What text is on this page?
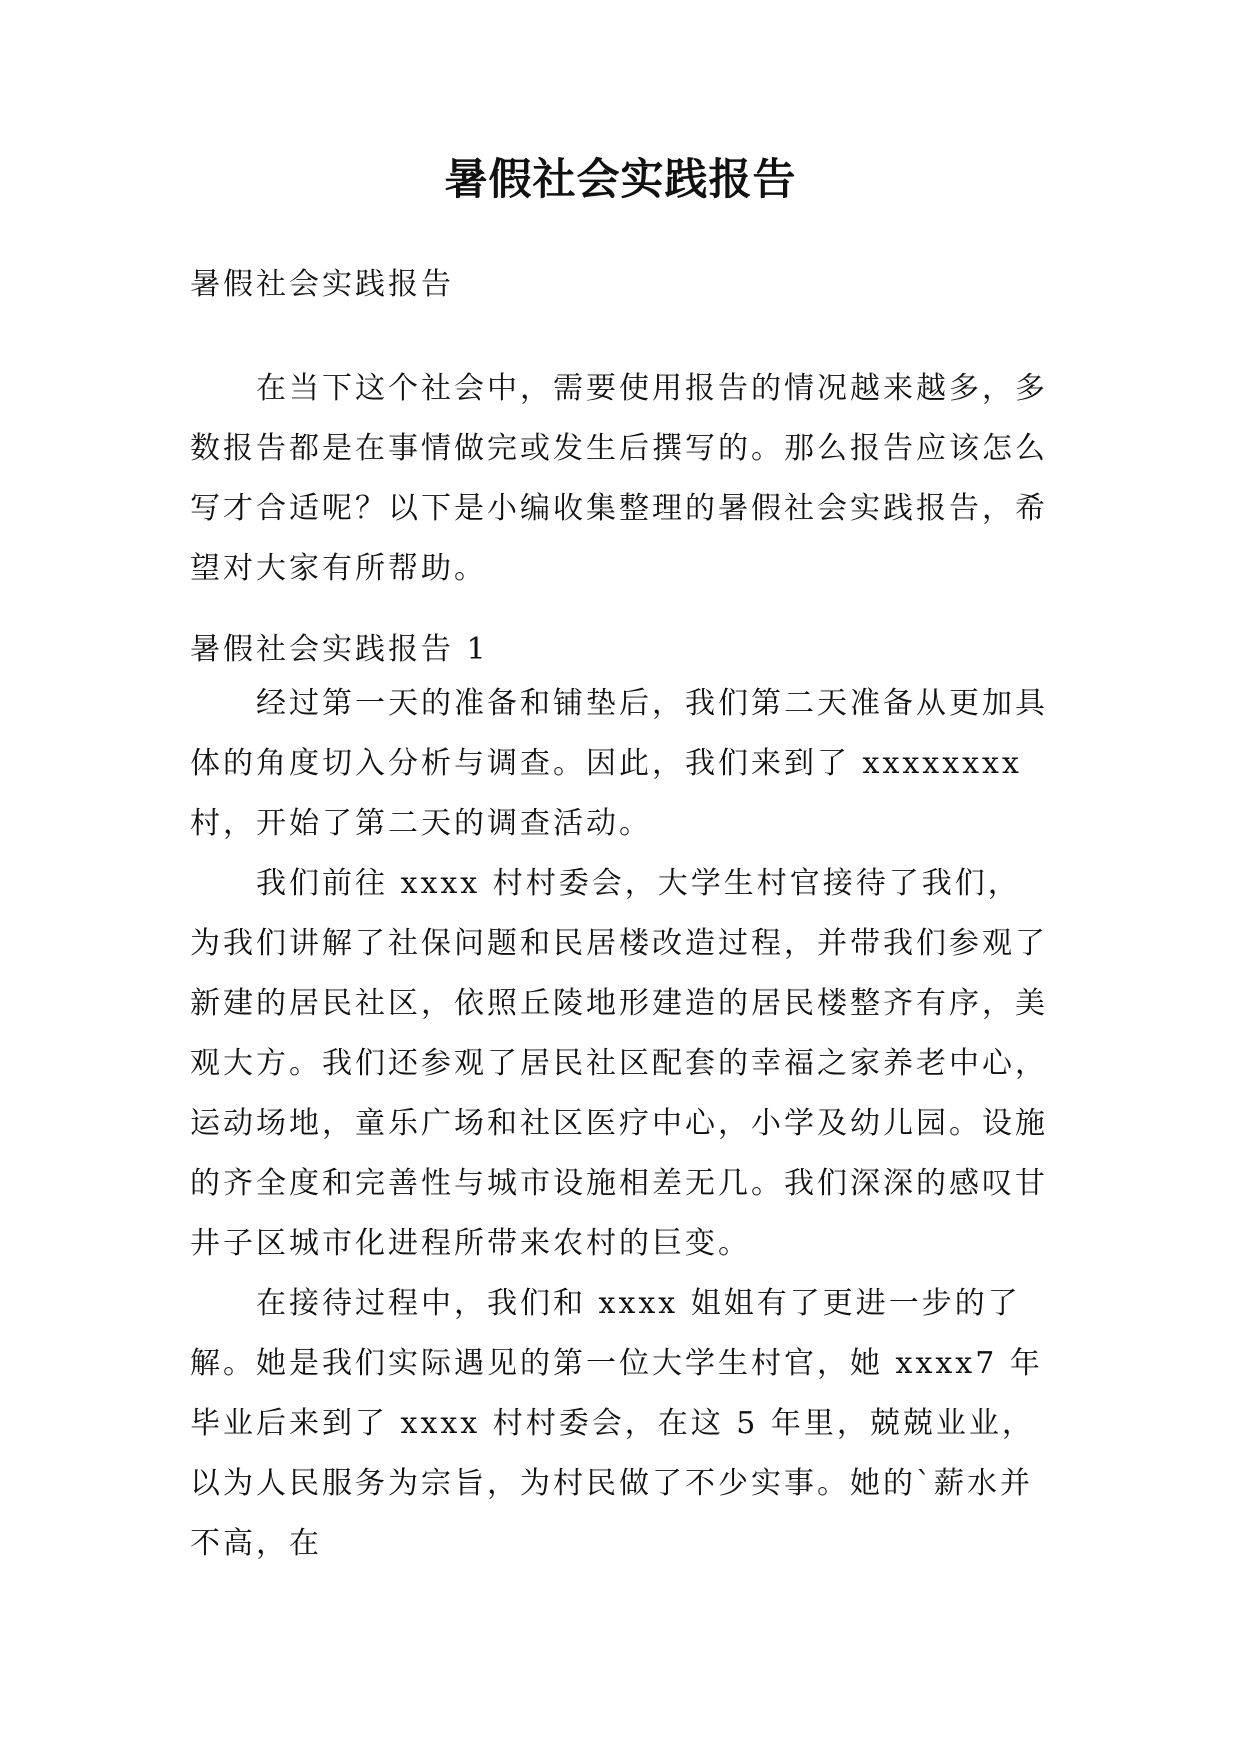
暑假社会实践报告

暑假社会实践报告

在当下这个社会中，需要使用报告的情况越来越多，多数报告都是在事情做完或发生后撰写的。那么报告应该怎么写才合适呢？以下是小编收集整理的暑假社会实践报告，希望对大家有所帮助。

暑假社会实践报告 1

经过第一天的准备和铺垫后，我们第二天准备从更加具体的角度切入分析与调查。因此，我们来到了 xxxxxxxx 村，开始了第二天的调查活动。

我们前往 xxxx 村村委会，大学生村官接待了我们，为我们讲解了社保问题和民居楼改造过程，并带我们参观了新建的居民社区，依照丘陵地形建造的居民楼整齐有序，美观大方。我们还参观了居民社区配套的幸福之家养老中心，运动场地，童乐广场和社区医疗中心，小学及幼儿园。设施的齐全度和完善性与城市设施相差无几。我们深深的感叹甘井子区城市化进程所带来农村的巨变。

在接待过程中，我们和 xxxx 姐姐有了更进一步的了解。她是我们实际遇见的第一位大学生村官，她 xxxx7 年毕业后来到了 xxxx 村村委会，在这 5 年里，兢兢业业，以为人民服务为宗旨，为村民做了不少实事。她的`薪水并不高，在
